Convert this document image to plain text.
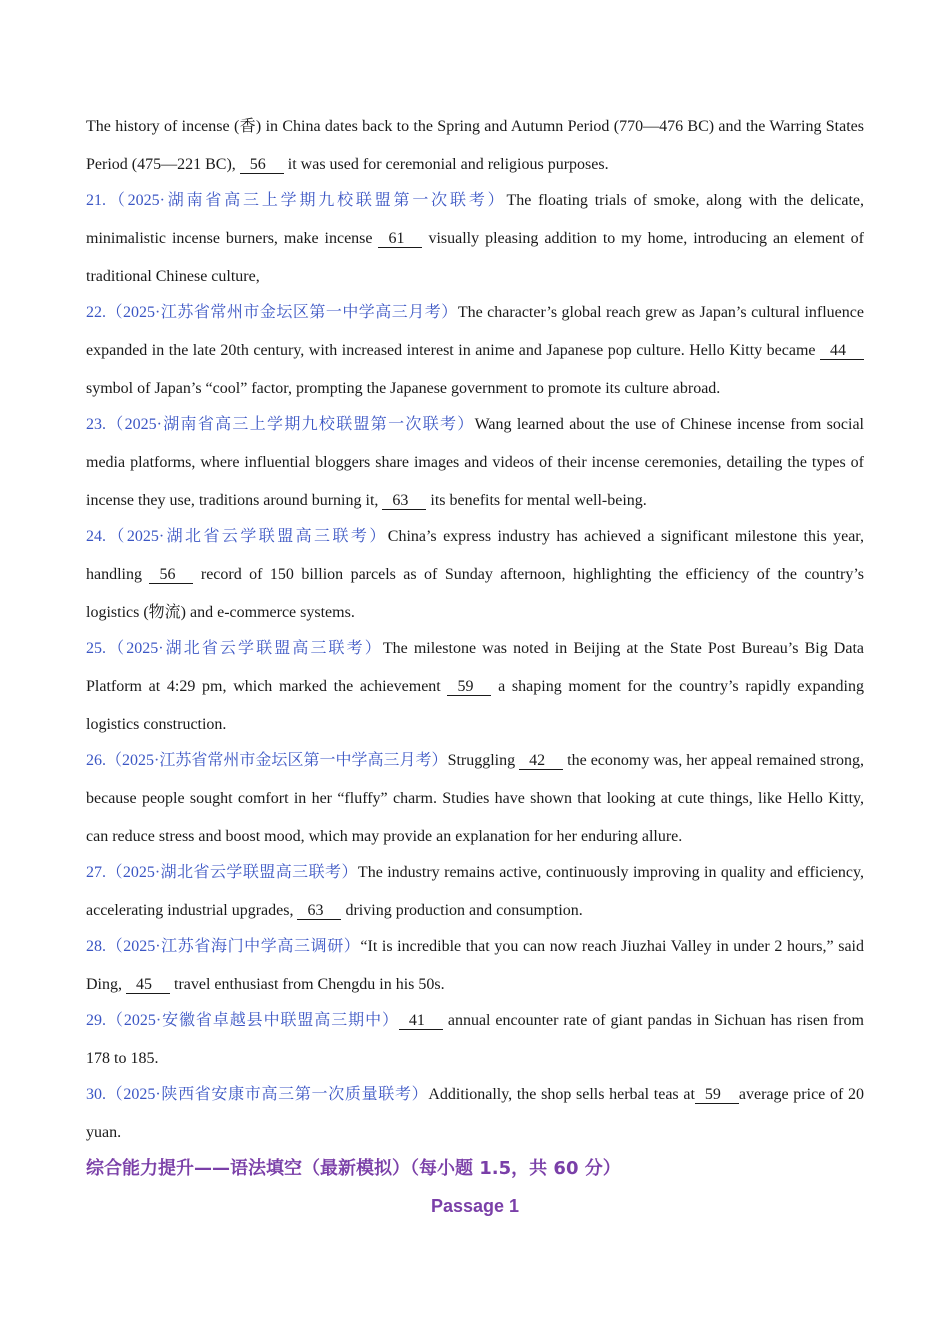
The history of incense (香) in China dates back to the Spring and Autumn Period (770—476 BC) and the Warring States Period (475—221 BC), 56 it was used for ceremonial and religious purposes.

21.（2025·湖南省高三上学期九校联盟第一次联考）The floating trials of smoke, along with the delicate, minimalistic incense burners, make incense 61 visually pleasing addition to my home, introducing an element of traditional Chinese culture,

22.（2025·江苏省常州市金坛区第一中学高三月考）The character’s global reach grew as Japan’s cultural influence expanded in the late 20th century, with increased interest in anime and Japanese pop culture. Hello Kitty became 44 symbol of Japan’s “cool” factor, prompting the Japanese government to promote its culture abroad.

23.（2025·湖南省高三上学期九校联盟第一次联考）Wang learned about the use of Chinese incense from social media platforms, where influential bloggers share images and videos of their incense ceremonies, detailing the types of incense they use, traditions around burning it, 63 its benefits for mental well-being.

24.（2025·湖北省云学联盟高三联考）China’s express industry has achieved a significant milestone this year, handling 56 record of 150 billion parcels as of Sunday afternoon, highlighting the efficiency of the country’s logistics (物流) and e-commerce systems.

25.（2025·湖北省云学联盟高三联考）The milestone was noted in Beijing at the State Post Bureau’s Big Data Platform at 4:29 pm, which marked the achievement 59 a shaping moment for the country’s rapidly expanding logistics construction.

26.（2025·江苏省常州市金坛区第一中学高三月考）Struggling 42 the economy was, her appeal remained strong, because people sought comfort in her “fluffy” charm. Studies have shown that looking at cute things, like Hello Kitty, can reduce stress and boost mood, which may provide an explanation for her enduring allure.

27.（2025·湖北省云学联盟高三联考）The industry remains active, continuously improving in quality and efficiency, accelerating industrial upgrades, 63 driving production and consumption.

28.（2025·江苏省海门中学高三调研）“It is incredible that you can now reach Jiuzhai Valley in under 2 hours,” said Ding, 45 travel enthusiast from Chengdu in his 50s.

29.（2025·安徽省卓越县中联盟高三期中） 41 annual encounter rate of giant pandas in Sichuan has risen from 178 to 185.

30.（2025·陕西省安康市高三第一次质量联考）Additionally, the shop sells herbal teas at 59 average price of 20 yuan.

综合能力提升——语法填空（最新模拟）（每小题 1.5，共 60 分）
Passage 1
